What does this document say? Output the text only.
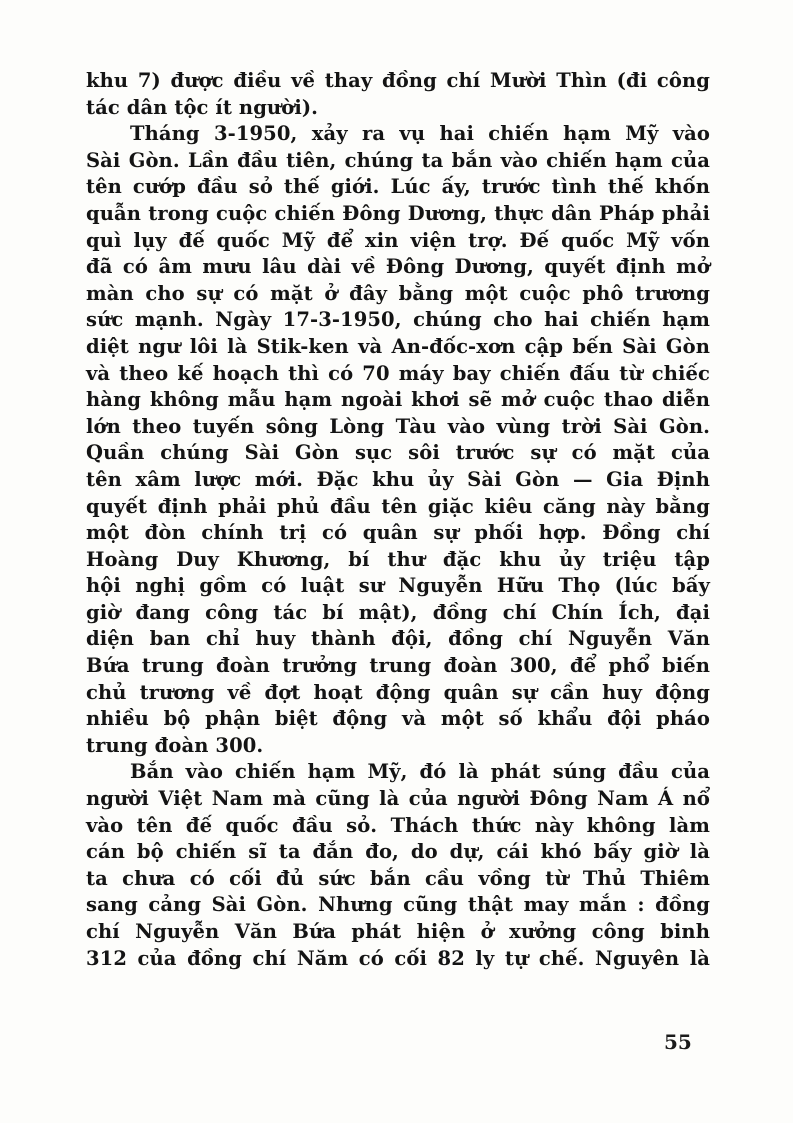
khu 7) được điều về thay đồng chí Mười Thìn (đi công
tác dân tộc ít người).
Tháng 3-1950, xảy ra vụ hai chiến hạm Mỹ vào
Sài Gòn. Lần đầu tiên, chúng ta bắn vào chiến hạm của
tên cướp đầu sỏ thế giới. Lúc ấy, trước tình thế khốn
quẫn trong cuộc chiến Đông Dương, thực dân Pháp phải
quì lụy đế quốc Mỹ để xin viện trợ. Đế quốc Mỹ vốn
đã có âm mưu lâu dài về Đông Dương, quyết định mở
màn cho sự có mặt ở đây bằng một cuộc phô trương
sức mạnh. Ngày 17-3-1950, chúng cho hai chiến hạm
diệt ngư lôi là Stik-ken và An-đốc-xơn cập bến Sài Gòn
và theo kế hoạch thì có 70 máy bay chiến đấu từ chiếc
hàng không mẫu hạm ngoài khơi sẽ mở cuộc thao diễn
lớn theo tuyến sông Lòng Tàu vào vùng trời Sài Gòn.
Quần chúng Sài Gòn sục sôi trước sự có mặt của
tên xâm lược mới. Đặc khu ủy Sài Gòn — Gia Định
quyết định phải phủ đầu tên giặc kiêu căng này bằng
một đòn chính trị có quân sự phối hợp. Đồng chí
Hoàng Duy Khương, bí thư đặc khu ủy triệu tập
hội nghị gồm có luật sư Nguyễn Hữu Thọ (lúc bấy
giờ đang công tác bí mật), đồng chí Chín Ích, đại
diện ban chỉ huy thành đội, đồng chí Nguyễn Văn
Bứa trung đoàn trưởng trung đoàn 300, để phổ biến
chủ trương về đợt hoạt động quân sự cần huy động
nhiều bộ phận biệt động và một số khẩu đội pháo
trung đoàn 300.
Bắn vào chiến hạm Mỹ, đó là phát súng đầu của
người Việt Nam mà cũng là của người Đông Nam Á nổ
vào tên đế quốc đầu sỏ. Thách thức này không làm
cán bộ chiến sĩ ta đắn đo, do dự, cái khó bấy giờ là
ta chưa có cối đủ sức bắn cầu vồng từ Thủ Thiêm
sang cảng Sài Gòn. Nhưng cũng thật may mắn : đồng
chí Nguyễn Văn Bứa phát hiện ở xưởng công binh
312 của đồng chí Năm có cối 82 ly tự chế. Nguyên là
55
